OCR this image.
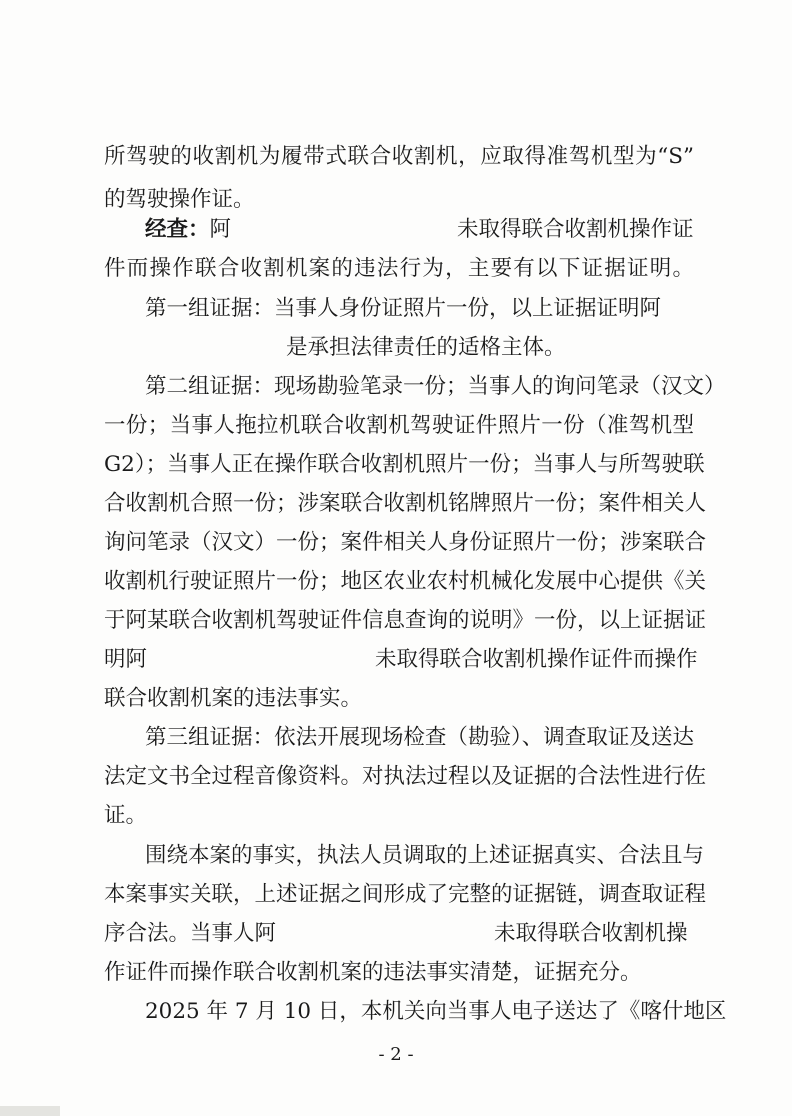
所驾驶的收割机为履带式联合收割机，应取得准驾机型为“S”
的驾驶操作证。
经查：阿	未取得联合收割机操作证
件而操作联合收割机案的违法行为，主要有以下证据证明。
第一组证据：当事人身份证照片一份，以上证据证明阿
是承担法律责任的适格主体。
第二组证据：现场勘验笔录一份；当事人的询问笔录（汉文）
一份；当事人拖拉机联合收割机驾驶证件照片一份（准驾机型
G2）；当事人正在操作联合收割机照片一份；当事人与所驾驶联
合收割机合照一份；涉案联合收割机铭牌照片一份；案件相关人
询问笔录（汉文）一份；案件相关人身份证照片一份；涉案联合
收割机行驶证照片一份；地区农业农村机械化发展中心提供《关
于阿某联合收割机驾驶证件信息查询的说明》一份，以上证据证
明阿	未取得联合收割机操作证件而操作
联合收割机案的违法事实。
第三组证据：依法开展现场检查（勘验）、调查取证及送达
法定文书全过程音像资料。对执法过程以及证据的合法性进行佐
证。
围绕本案的事实，执法人员调取的上述证据真实、合法且与
本案事实关联，上述证据之间形成了完整的证据链，调查取证程
序合法。当事人阿	未取得联合收割机操
作证件而操作联合收割机案的违法事实清楚，证据充分。
2025 年 7 月 10 日，本机关向当事人电子送达了《喀什地区
- 2 -
